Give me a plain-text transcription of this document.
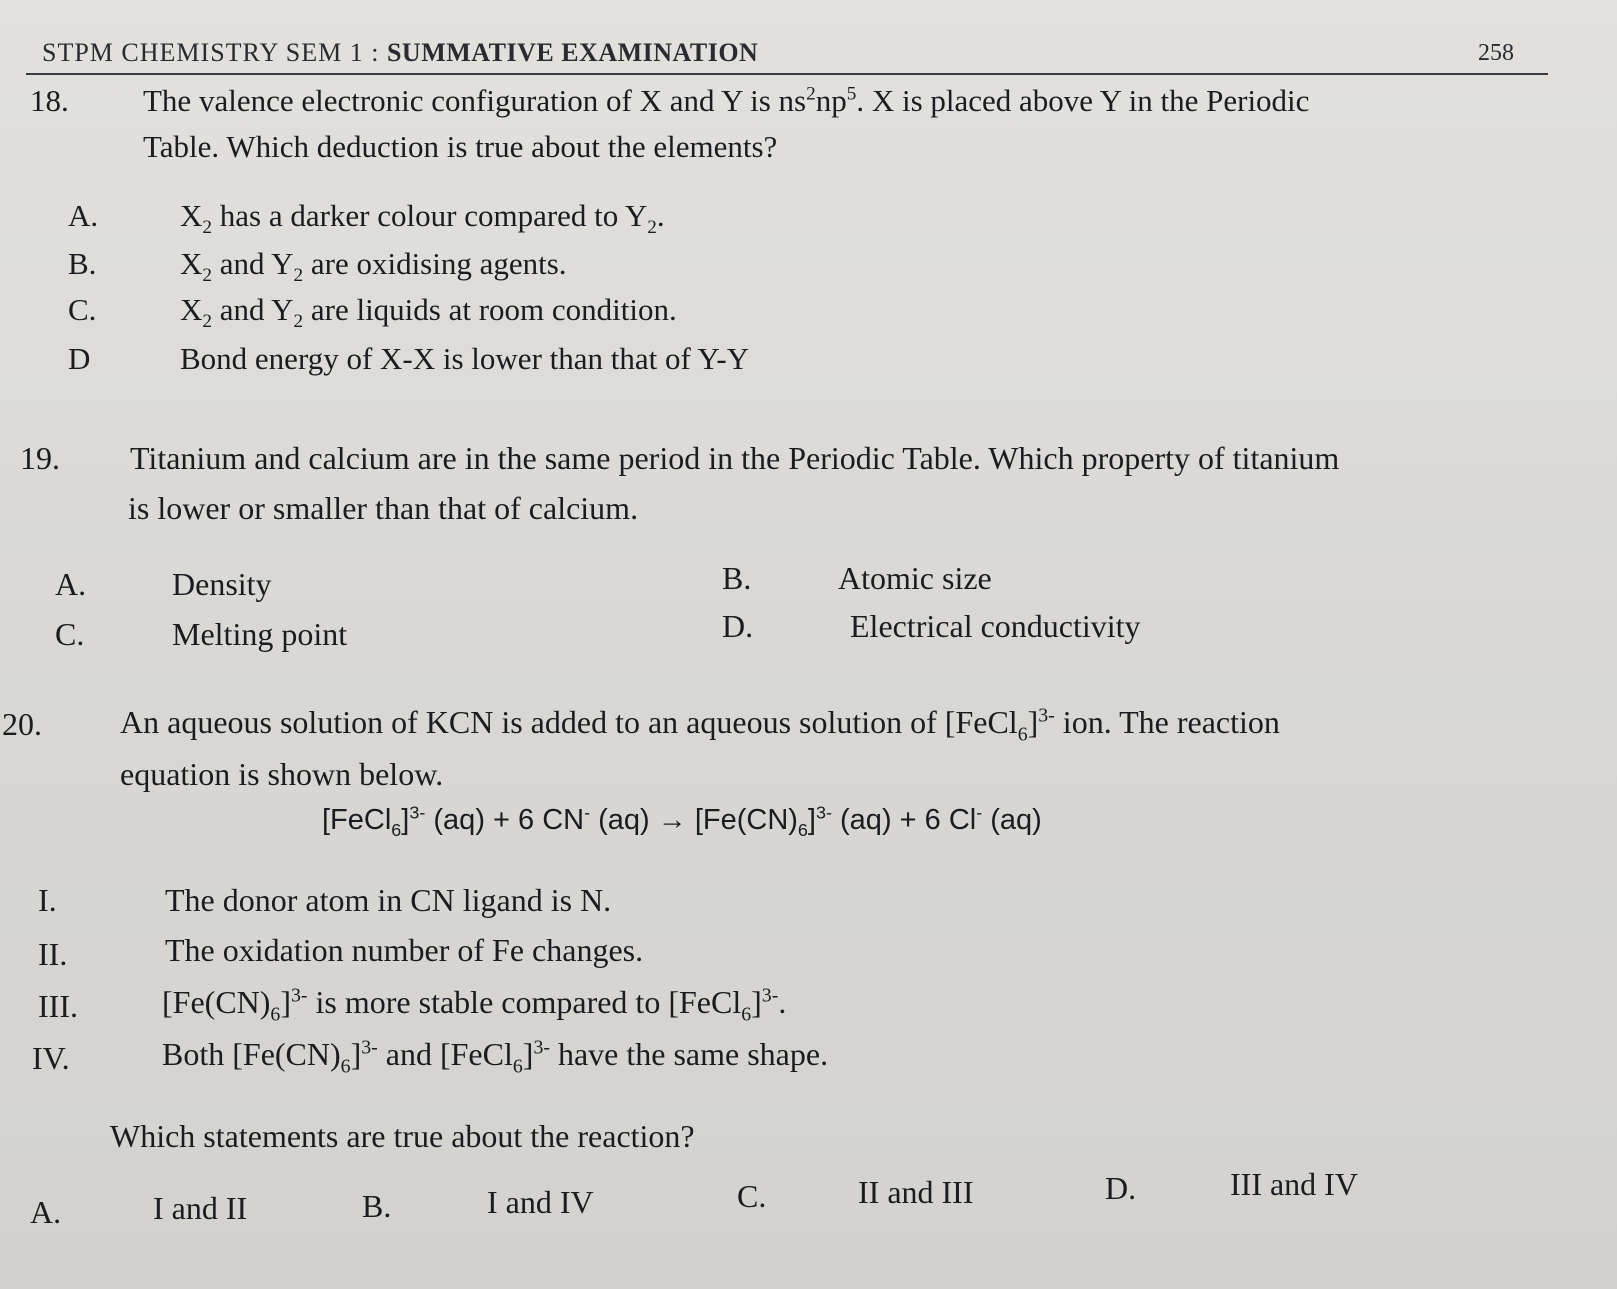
STPM CHEMISTRY SEM 1 : SUMMATIVE EXAMINATION	258
18. The valence electronic configuration of X and Y is $ns^2np^5$. X is placed above Y in the Periodic
Table. Which deduction is true about the elements?
A.	$X_2$ has a darker colour compared to $Y_2$.
B.	$X_2$ and $Y_2$ are oxidising agents.
C.	$X_2$ and $Y_2$ are liquids at room condition.
D	Bond energy of X-X is lower than that of Y-Y
19. Titanium and calcium are in the same period in the Periodic Table. Which property of titanium
is lower or smaller than that of calcium.
A.	Density	B.	Atomic size
C.	Melting point	D.	Electrical conductivity
20. An aqueous solution of KCN is added to an aqueous solution of [FeCl$_6$]$^{3-}$ ion. The reaction
equation is shown below.
[FeCl$_6$]$^{3-}$ (aq) + 6 CN- $(aq) \to [Fe(CN)_6]^{3-}$ (aq) + 6 Cl- (aq)
I.	The donor atom in CN ligand is N.
II.	The oxidation number of Fe changes.
III.	$[Fe(CN)_6]^{3-}$ is more stable compared to [FeCl$_6$]$^{3-}$.
IV.	Both $[Fe(CN)_6]^{3-}$ and [FeCl$_6$]$^{3-}$ have the same shape.
Which statements are true about the reaction?
A.	I and II	B.	I and IV	C.	II and III	D.	III and IV
